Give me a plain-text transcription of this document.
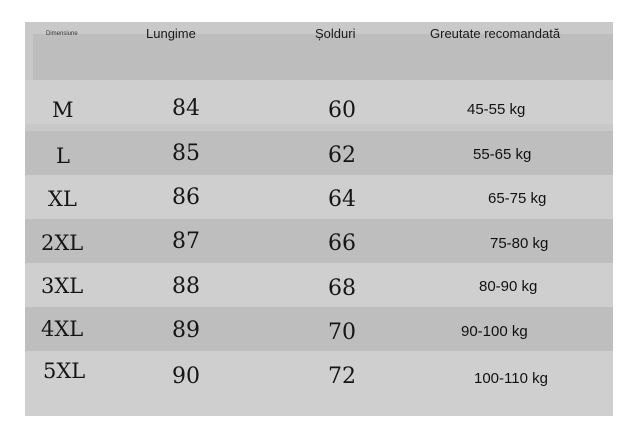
Dimensiune	Lungime	Șolduri	Greutate recomandată
M	84	60	45-55 kg
L	85	62	55-65 kg
XL	86	64	65-75 kg
2XL	87	66	75-80 kg
3XL	88	68	80-90 kg
4XL	89	70	90-100 kg
5XL	90	72	100-110 kg
